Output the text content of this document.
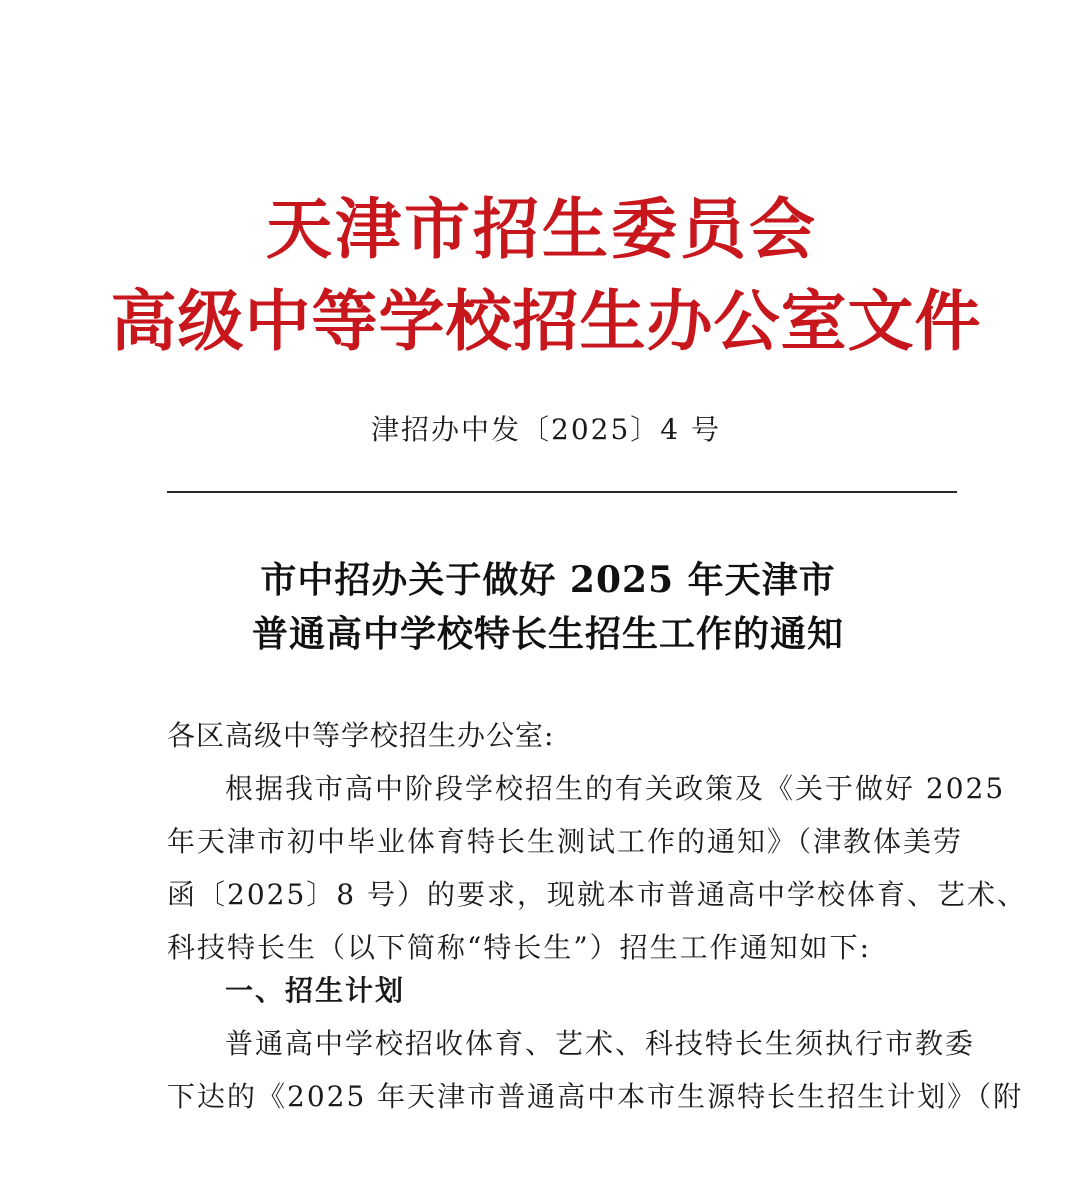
天津市招生委员会
高级中等学校招生办公室文件
津招办中发〔2025〕4 号
市中招办关于做好 2025 年天津市
普通高中学校特长生招生工作的通知
各区高级中等学校招生办公室:
根据我市高中阶段学校招生的有关政策及《关于做好 2025
年天津市初中毕业体育特长生测试工作的通知》（津教体美劳
函〔2025〕8 号）的要求，现就本市普通高中学校体育、艺术、
科技特长生（以下简称“特长生”）招生工作通知如下:
一、招生计划
普通高中学校招收体育、艺术、科技特长生须执行市教委
下达的《2025 年天津市普通高中本市生源特长生招生计划》（附
